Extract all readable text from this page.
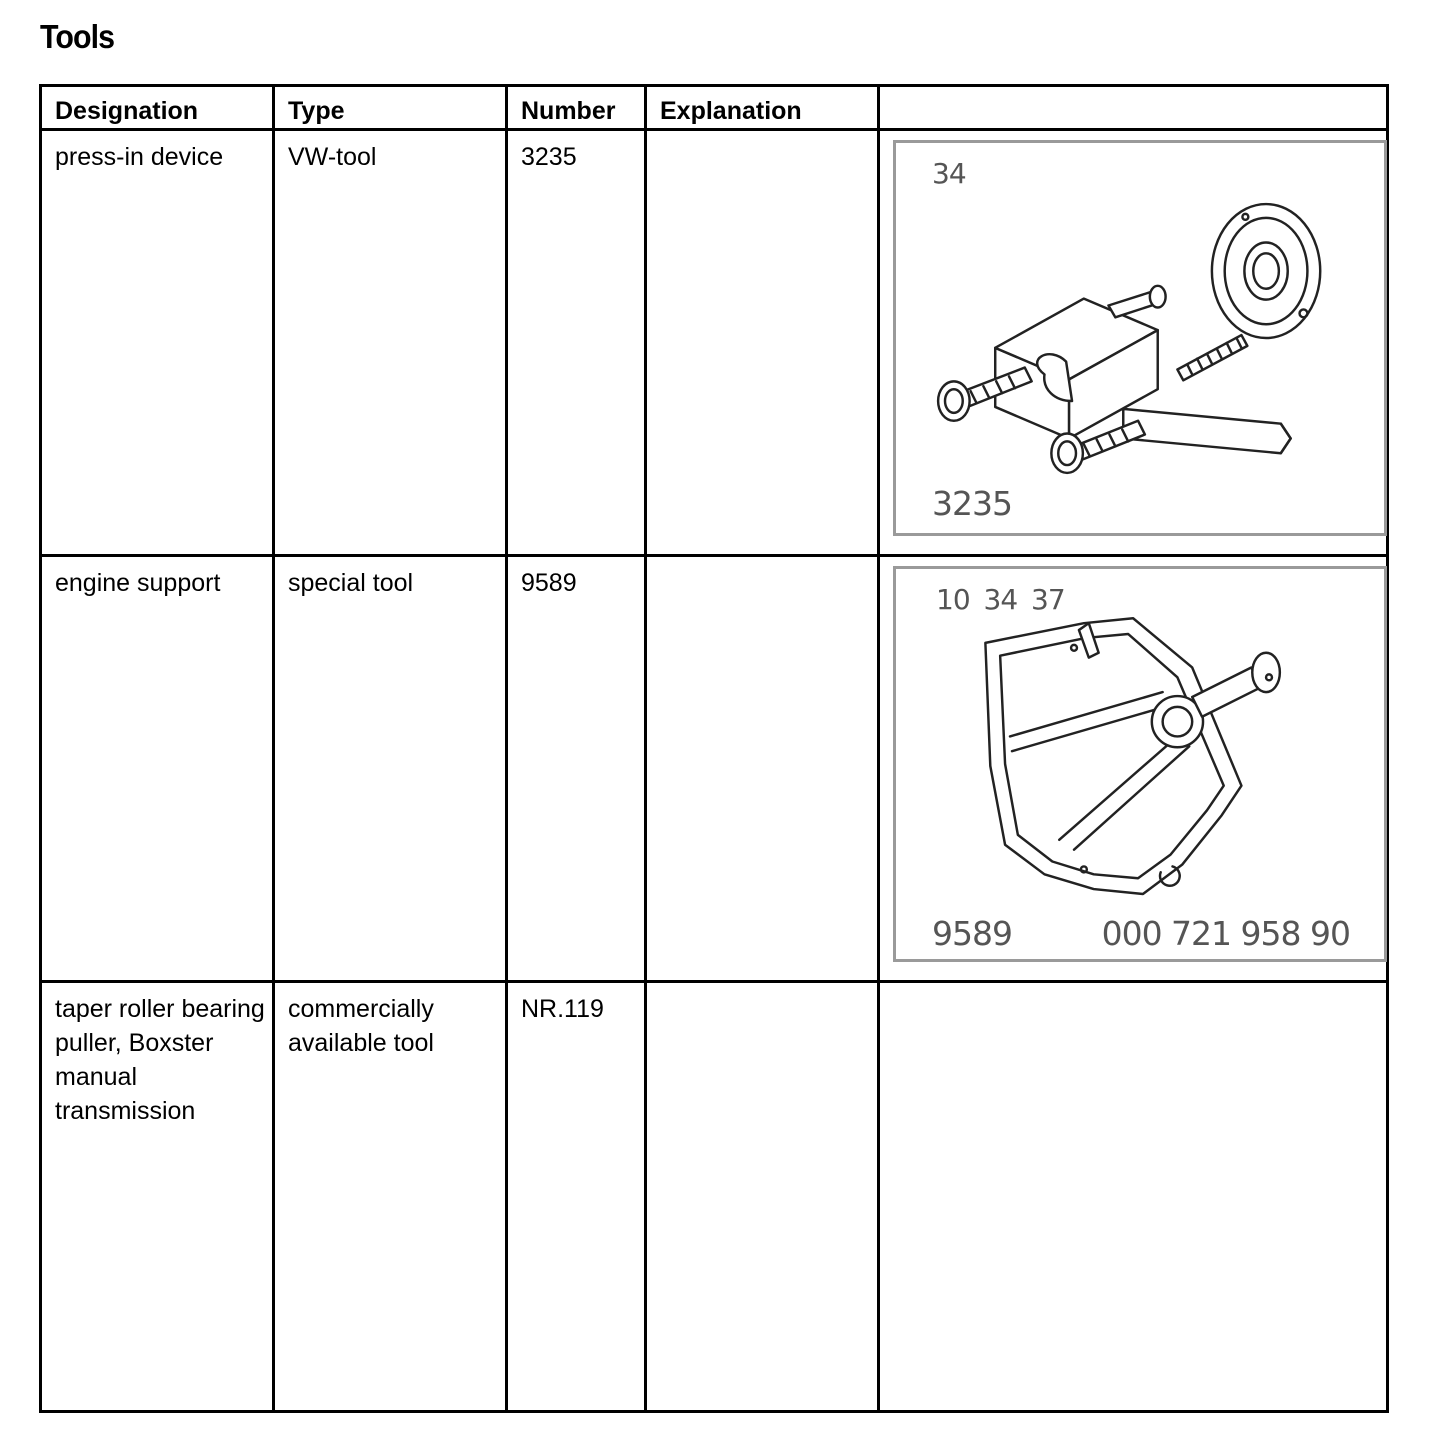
Tools
Designation	Type	Number	Explanation	
press-in device	VW-tool	3235		34
3235

engine support	special tool	9589		10 34 37
9589 000 721 958 90

taper roller bearing puller, Boxster manual transmission	commercially available tool	NR.119		
